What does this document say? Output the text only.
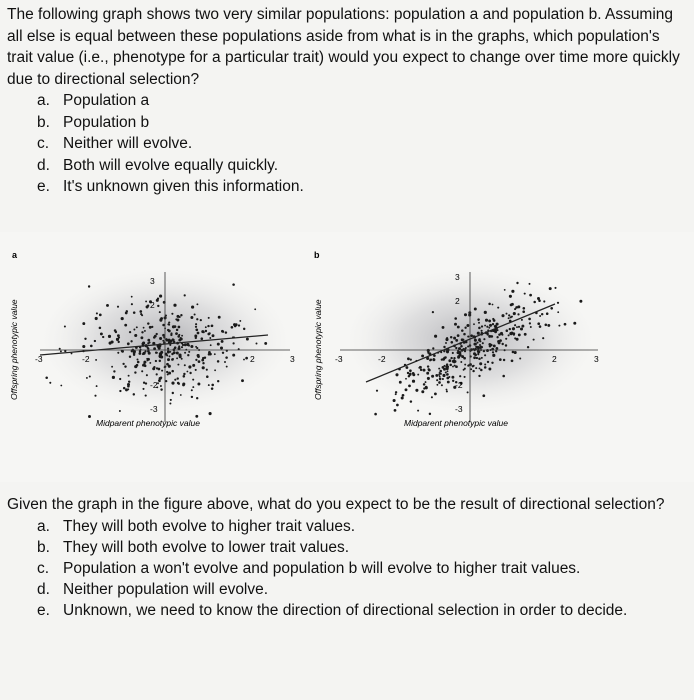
The following graph shows two very similar populations: population a and population b. Assuming all else is equal between these populations aside from what is in the graphs, which population's trait value (i.e., phenotype for a particular trait) would you expect to change over time more quickly due to directional selection?

a. Population a
b. Population b
c. Neither will evolve.
d. Both will evolve equally quickly.
e. It's unknown given this information.
a
-3	-2	2	3
3
2
-2
-3
Offspring phenotypic value
Midparent phenotypic value
b
-3	-2	2	3
3
2
-2
-3
Offspring phenotypic value
Midparent phenotypic value

Given the graph in the figure above, what do you expect to be the result of directional selection?

a. They will both evolve to higher trait values.
b. They will both evolve to lower trait values.
c. Population a won't evolve and population b will evolve to higher trait values.
d. Neither population will evolve.
e. Unknown, we need to know the direction of directional selection in order to decide.
